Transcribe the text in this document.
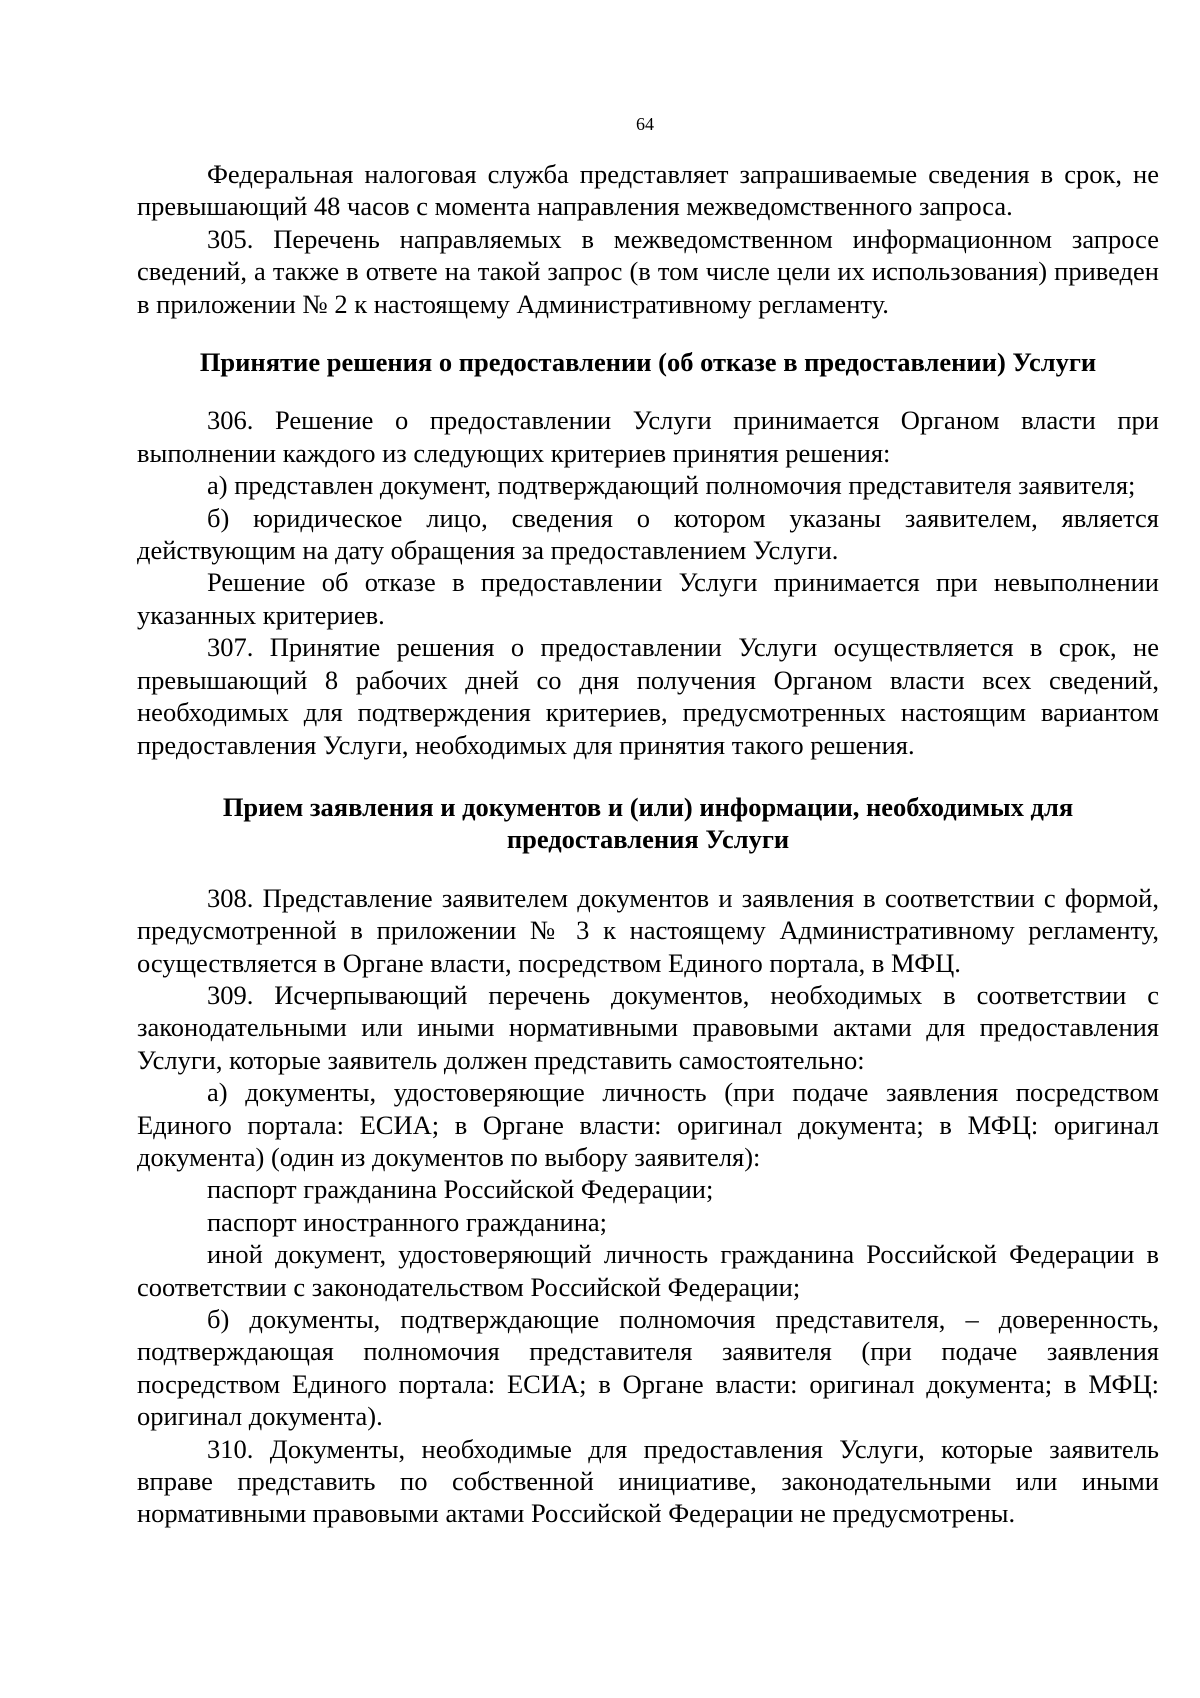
64

Федеральная налоговая служба представляет запрашиваемые сведения в срок, не превышающий 48 часов с момента направления межведомственного запроса.

305. Перечень направляемых в межведомственном информационном запросе сведений, а также в ответе на такой запрос (в том числе цели их использования) приведен в приложении № 2 к настоящему Административному регламенту.

Принятие решения о предоставлении (об отказе в предоставлении) Услуги

306. Решение о предоставлении Услуги принимается Органом власти при выполнении каждого из следующих критериев принятия решения:

а) представлен документ, подтверждающий полномочия представителя заявителя;

б) юридическое лицо, сведения о котором указаны заявителем, является действующим на дату обращения за предоставлением Услуги.

Решение об отказе в предоставлении Услуги принимается при невыполнении указанных критериев.

307. Принятие решения о предоставлении Услуги осуществляется в срок, не превышающий 8 рабочих дней со дня получения Органом власти всех сведений, необходимых для подтверждения критериев, предусмотренных настоящим вариантом предоставления Услуги, необходимых для принятия такого решения.

Прием заявления и документов и (или) информации, необходимых для
предоставления Услуги

308. Представление заявителем документов и заявления в соответствии с формой, предусмотренной в приложении № 3 к настоящему Административному регламенту, осуществляется в Органе власти, посредством Единого портала, в МФЦ.

309. Исчерпывающий перечень документов, необходимых в соответствии с законодательными или иными нормативными правовыми актами для предоставления Услуги, которые заявитель должен представить самостоятельно:

а) документы, удостоверяющие личность (при подаче заявления посредством Единого портала: ЕСИА; в Органе власти: оригинал документа; в МФЦ: оригинал документа) (один из документов по выбору заявителя):

паспорт гражданина Российской Федерации;

паспорт иностранного гражданина;

иной документ, удостоверяющий личность гражданина Российской Федерации в соответствии с законодательством Российской Федерации;

б) документы, подтверждающие полномочия представителя, – доверенность, подтверждающая полномочия представителя заявителя (при подаче заявления посредством Единого портала: ЕСИА; в Органе власти: оригинал документа; в МФЦ: оригинал документа).

310. Документы, необходимые для предоставления Услуги, которые заявитель вправе представить по собственной инициативе, законодательными или иными нормативными правовыми актами Российской Федерации не предусмотрены.
